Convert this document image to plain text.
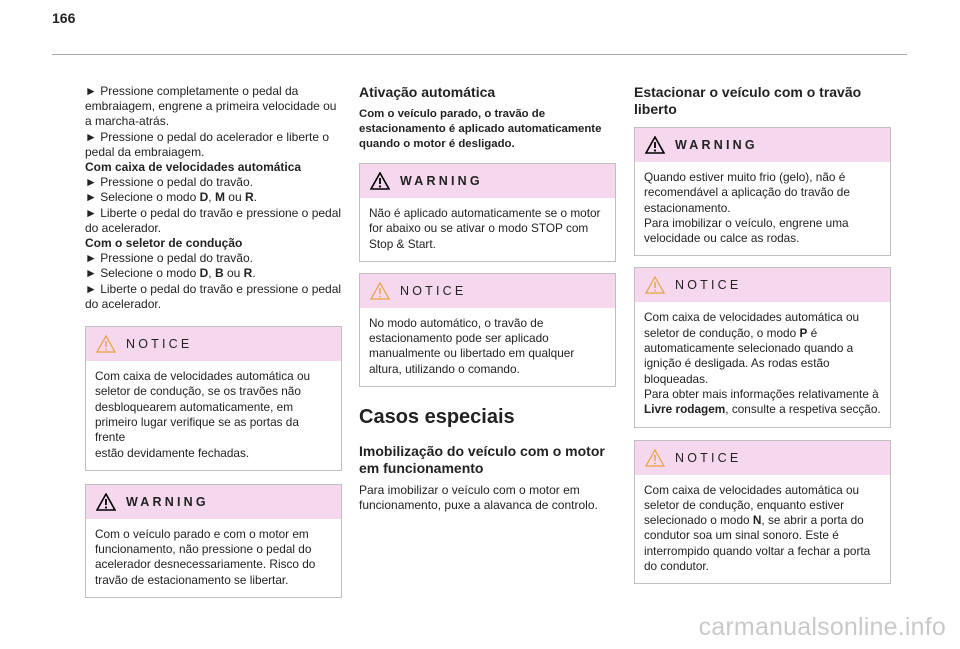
166
► Pressione completamente o pedal da
embraiagem, engrene a primeira velocidade ou
a marcha-atrás.
► Pressione o pedal do acelerador e liberte o
pedal da embraiagem.
Com caixa de velocidades automática
► Pressione o pedal do travão.
► Selecione o modo D, M ou R.
► Liberte o pedal do travão e pressione o pedal
do acelerador.
Com o seletor de condução
► Pressione o pedal do travão.
► Selecione o modo D, B ou R.
► Liberte o pedal do travão e pressione o pedal
do acelerador.
NOTICE
Com caixa de velocidades automática ou
seletor de condução, se os travões não
desbloquearem automaticamente, em
primeiro lugar verifique se as portas da frente
estão devidamente fechadas.
WARNING
Com o veículo parado e com o motor em
funcionamento, não pressione o pedal do
acelerador desnecessariamente. Risco do
travão de estacionamento se libertar.
Ativação automática
Com o veículo parado, o travão de
estacionamento é aplicado automaticamente
quando o motor é desligado.
WARNING
Não é aplicado automaticamente se o motor
for abaixo ou se ativar o modo STOP com
Stop & Start.
NOTICE
No modo automático, o travão de
estacionamento pode ser aplicado
manualmente ou libertado em qualquer
altura, utilizando o comando.
Casos especiais
Imobilização do veículo com o motor
em funcionamento
Para imobilizar o veículo com o motor em
funcionamento, puxe a alavanca de controlo.
Estacionar o veículo com o travão
liberto
WARNING
Quando estiver muito frio (gelo), não é
recomendável a aplicação do travão de
estacionamento.
Para imobilizar o veículo, engrene uma
velocidade ou calce as rodas.
NOTICE
Com caixa de velocidades automática ou
seletor de condução, o modo P é
automaticamente selecionado quando a
ignição é desligada. As rodas estão
bloqueadas.
Para obter mais informações relativamente à
Livre rodagem, consulte a respetiva secção.
NOTICE
Com caixa de velocidades automática ou
seletor de condução, enquanto estiver
selecionado o modo N, se abrir a porta do
condutor soa um sinal sonoro. Este é
interrompido quando voltar a fechar a porta
do condutor.
carmanualsonline.info
